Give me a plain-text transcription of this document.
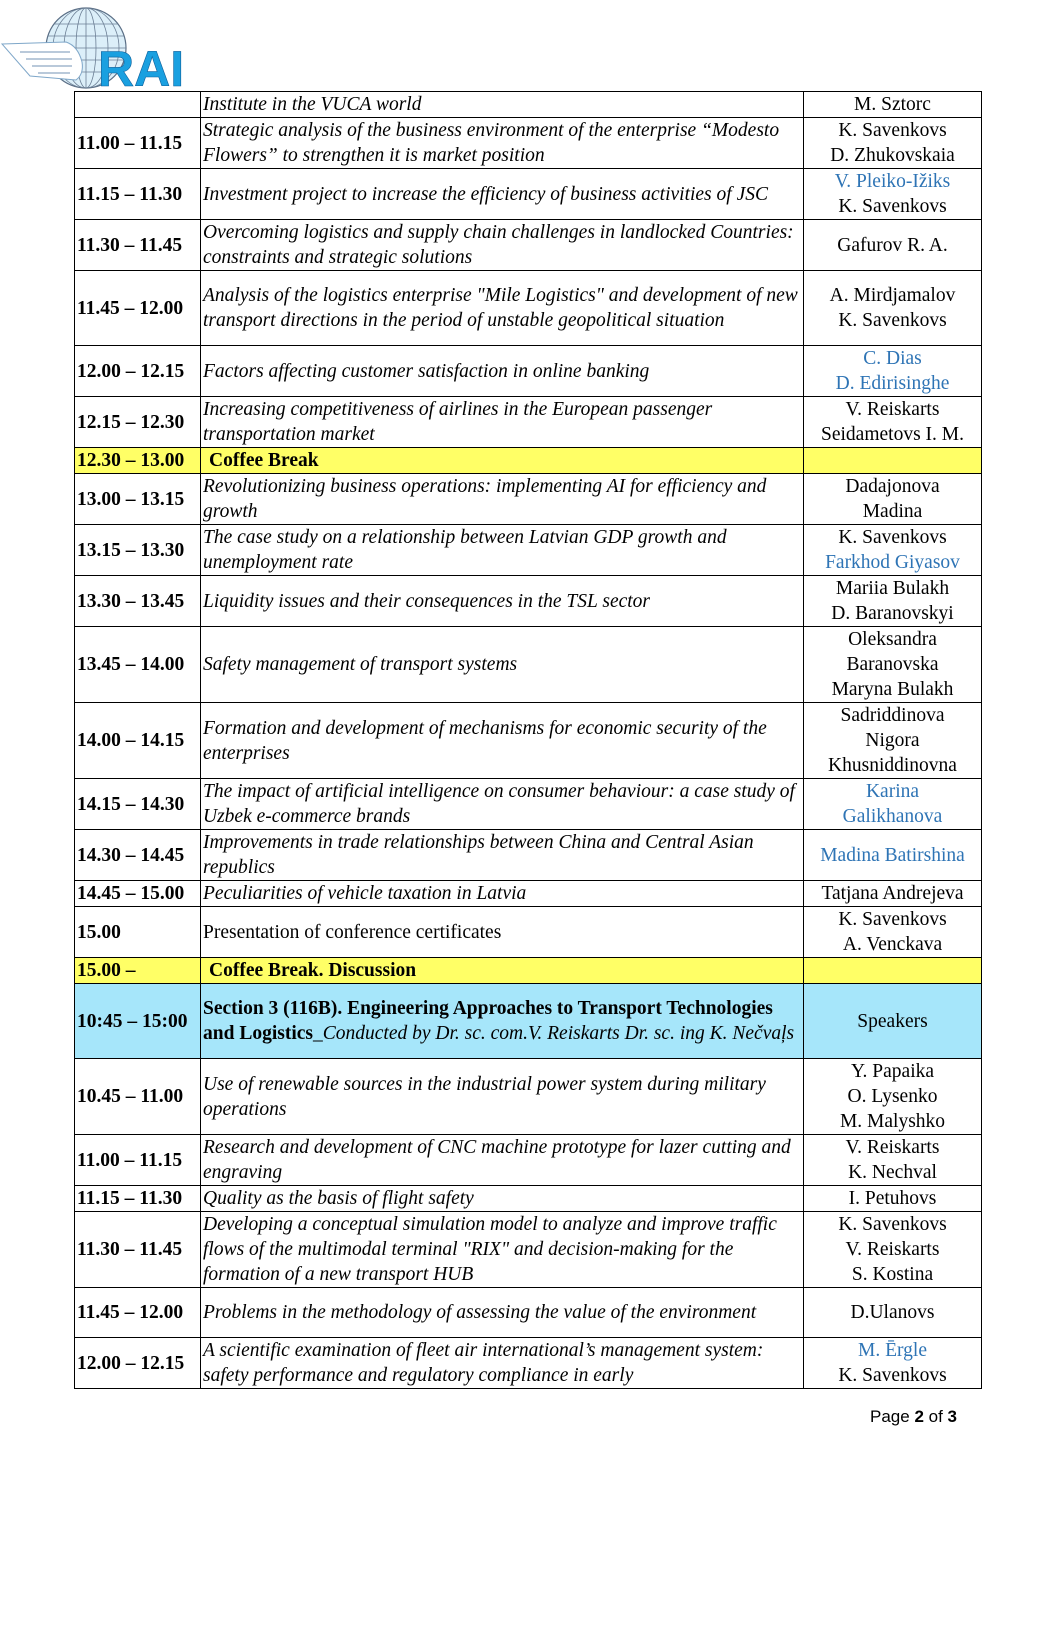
RAI
	Institute in the VUCA world	M. Sztorc

11.00 – 11.15	Strategic analysis of the business environment of the enterprise “Modesto Flowers” to strengthen it is market position	K. Savenkovs
D. Zhukovskaia

11.15 – 11.30	Investment project to increase the efficiency of business activities of JSC	V. Pleiko-Ižiks
K. Savenkovs

11.30 – 11.45	Overcoming logistics and supply chain challenges in landlocked Countries: constraints and strategic solutions	Gafurov R. A.

11.45 – 12.00	Analysis of the logistics enterprise "Mile Logistics" and development of new transport directions in the period of unstable geopolitical situation	A. Mirdjamalov
K. Savenkovs

12.00 – 12.15	Factors affecting customer satisfaction in online banking	C. Dias
D. Edirisinghe

12.15 – 12.30	Increasing competitiveness of airlines in the European passenger transportation market	V. Reiskarts
Seidametovs I. M.

12.30 – 13.00	Coffee Break	
13.00 – 13.15	Revolutionizing business operations: implementing AI for efficiency and growth	Dadajonova
Madina

13.15 – 13.30	The case study on a relationship between Latvian GDP growth and unemployment rate	K. Savenkovs
Farkhod Giyasov

13.30 – 13.45	Liquidity issues and their consequences in the TSL sector	Mariia Bulakh
D. Baranovskyi

13.45 – 14.00	Safety management of transport systems	Oleksandra
Baranovska
Maryna Bulakh

14.00 – 14.15	Formation and development of mechanisms for economic security of the enterprises	Sadriddinova
Nigora
Khusniddinovna

14.15 – 14.30	The impact of artificial intelligence on consumer behaviour: a case study of Uzbek e-commerce brands	Karina
Galikhanova

14.30 – 14.45	Improvements in trade relationships between China and Central Asian republics	Madina Batirshina

14.45 – 15.00	Peculiarities of vehicle taxation in Latvia	Tatjana Andrejeva

15.00	Presentation of conference certificates	K. Savenkovs
A. Venckava

15.00 –	Coffee Break. Discussion	
10:45 – 15:00	Section 3 (116B). Engineering Approaches to Transport Technologies and Logistics_Conducted by Dr. sc. com.V. Reiskarts Dr. sc. ing K. Nečvaļs	Speakers

10.45 – 11.00	Use of renewable sources in the industrial power system during military operations	Y. Papaika
O. Lysenko
M. Malyshko

11.00 – 11.15	Research and development of CNC machine prototype for lazer cutting and engraving	V. Reiskarts
K. Nechval

11.15 – 11.30	Quality as the basis of flight safety	I. Petuhovs

11.30 – 11.45	Developing a conceptual simulation model to analyze and improve traffic flows of the multimodal terminal "RIX" and decision-making for the formation of a new transport HUB	K. Savenkovs
V. Reiskarts
S. Kostina

11.45 – 12.00	Problems in the methodology of assessing the value of the environment	D.Ulanovs

12.00 – 12.15	A scientific examination of fleet air international’s management system: safety performance and regulatory compliance in early	M. Ērgle
K. Savenkovs
Page 2 of 3
